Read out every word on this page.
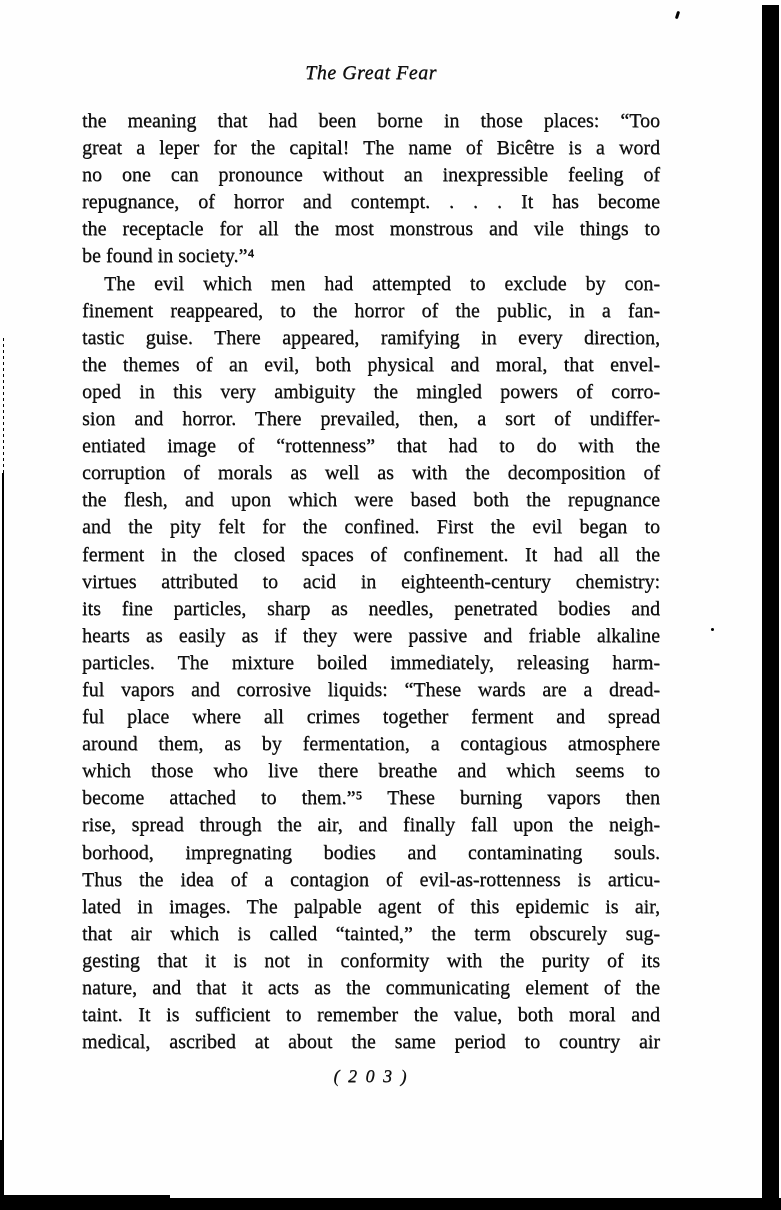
The Great Fear
the meaning that had been borne in those places: “Too
great a leper for the capital! The name of Bicêtre is a word
no one can pronounce without an inexpressible feeling of
repugnance, of horror and contempt. . . . It has become
the receptacle for all the most monstrous and vile things to
be found in society.”⁴
The evil which men had attempted to exclude by con-
finement reappeared, to the horror of the public, in a fan-
tastic guise. There appeared, ramifying in every direction,
the themes of an evil, both physical and moral, that envel-
oped in this very ambiguity the mingled powers of corro-
sion and horror. There prevailed, then, a sort of undiffer-
entiated image of “rottenness” that had to do with the
corruption of morals as well as with the decomposition of
the flesh, and upon which were based both the repugnance
and the pity felt for the confined. First the evil began to
ferment in the closed spaces of confinement. It had all the
virtues attributed to acid in eighteenth-century chemistry:
its fine particles, sharp as needles, penetrated bodies and
hearts as easily as if they were passive and friable alkaline
particles. The mixture boiled immediately, releasing harm-
ful vapors and corrosive liquids: “These wards are a dread-
ful place where all crimes together ferment and spread
around them, as by fermentation, a contagious atmosphere
which those who live there breathe and which seems to
become attached to them.”⁵ These burning vapors then
rise, spread through the air, and finally fall upon the neigh-
borhood, impregnating bodies and contaminating souls.
Thus the idea of a contagion of evil-as-rottenness is articu-
lated in images. The palpable agent of this epidemic is air,
that air which is called “tainted,” the term obscurely sug-
gesting that it is not in conformity with the purity of its
nature, and that it acts as the communicating element of the
taint. It is sufficient to remember the value, both moral and
medical, ascribed at about the same period to country air
( 2 0 3 )
